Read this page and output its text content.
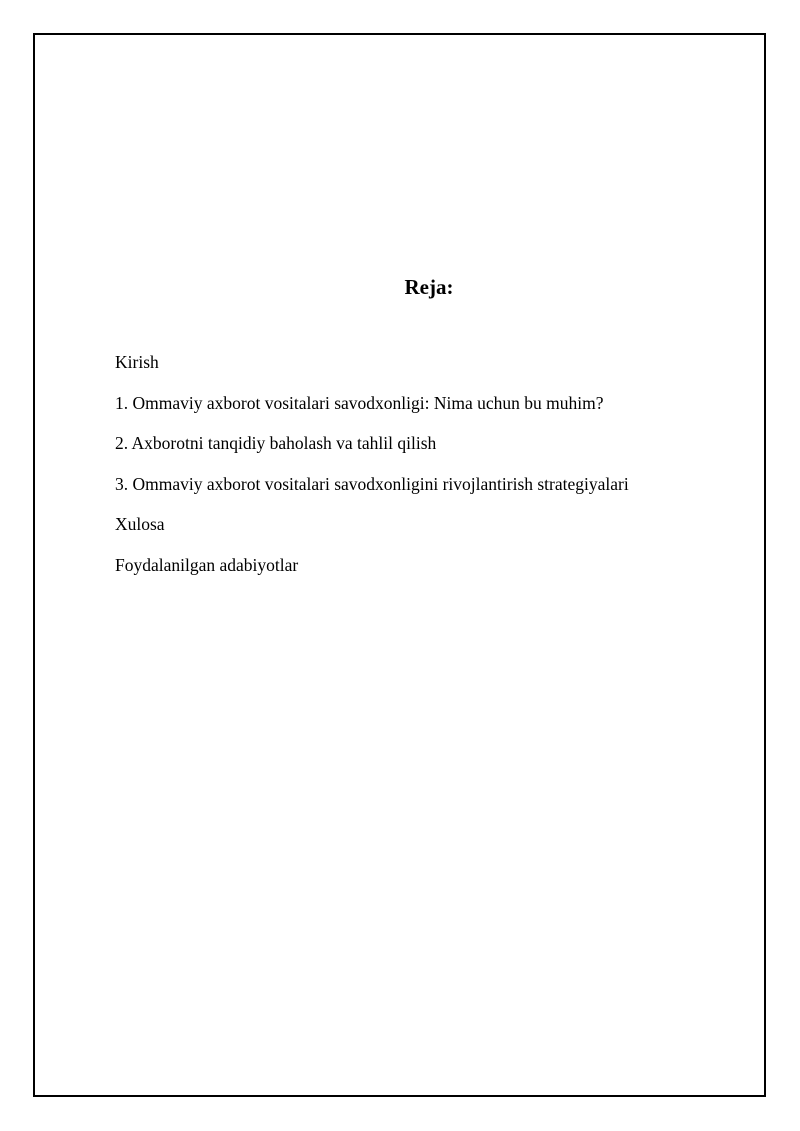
Reja:
Kirish
1. Ommaviy axborot vositalari savodxonligi: Nima uchun bu muhim?
2. Axborotni tanqidiy baholash va tahlil qilish
3. Ommaviy axborot vositalari savodxonligini rivojlantirish strategiyalari
Xulosa
Foydalanilgan adabiyotlar
